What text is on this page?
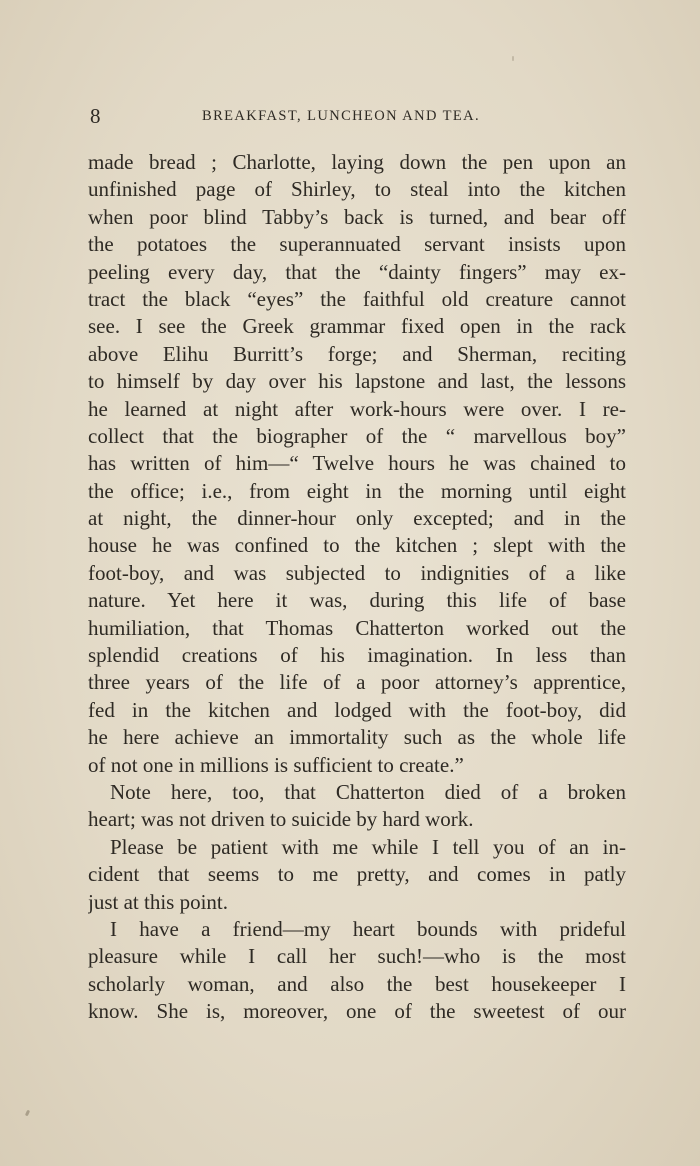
8	BREAKFAST, LUNCHEON AND TEA.
made bread ; Charlotte, laying down the pen upon an
unfinished page of Shirley, to steal into the kitchen
when poor blind Tabby’s back is turned, and bear off
the potatoes the superannuated servant insists upon
peeling every day, that the “dainty fingers” may ex-
tract the black “eyes” the faithful old creature cannot
see. I see the Greek grammar fixed open in the rack
above Elihu Burritt’s forge; and Sherman, reciting
to himself by day over his lapstone and last, the lessons
he learned at night after work-hours were over. I re-
collect that the biographer of the “ marvellous boy”
has written of him—“ Twelve hours he was chained to
the office; i.e., from eight in the morning until eight
at night, the dinner-hour only excepted; and in the
house he was confined to the kitchen ; slept with the
foot-boy, and was subjected to indignities of a like
nature. Yet here it was, during this life of base
humiliation, that Thomas Chatterton worked out the
splendid creations of his imagination. In less than
three years of the life of a poor attorney’s apprentice,
fed in the kitchen and lodged with the foot-boy, did
he here achieve an immortality such as the whole life
of not one in millions is sufficient to create.”
Note here, too, that Chatterton died of a broken
heart; was not driven to suicide by hard work.
Please be patient with me while I tell you of an in-
cident that seems to me pretty, and comes in patly
just at this point.
I have a friend—my heart bounds with prideful
pleasure while I call her such!—who is the most
scholarly woman, and also the best housekeeper I
know. She is, moreover, one of the sweetest of our
